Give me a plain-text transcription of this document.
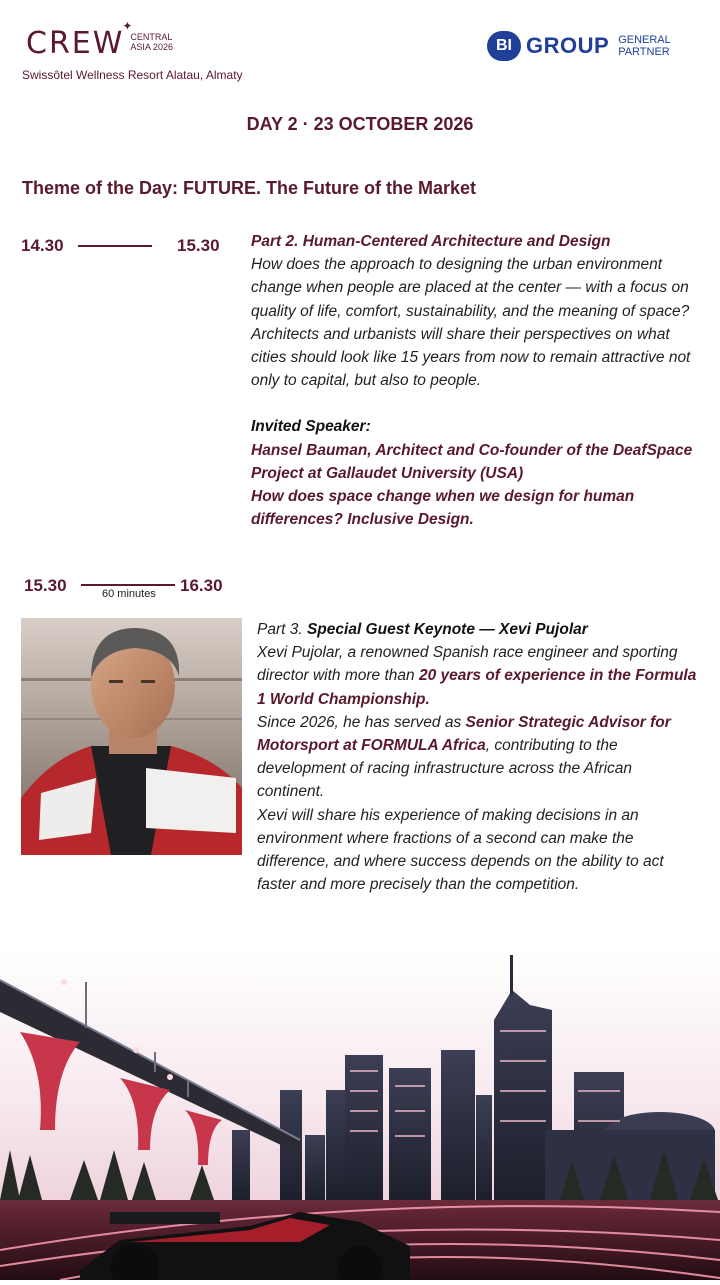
CREW
✦
CENTRAL
ASIA 2026
Swissôtel Wellness Resort Alatau, Almaty
BI GROUP GENERAL
PARTNER
DAY 2 · 23 OCTOBER 2026
Theme of the Day: FUTURE. The Future of the Market
14.30	15.30 Part 2. Human-Centered Architecture and Design

How does the approach to designing the urban environment change when people are placed at the center — with a focus on quality of life, comfort, sustainability, and the meaning of space?

Architects and urbanists will share their perspectives on what cities should look like 15 years from now to remain attractive not only to capital, but also to people.

Invited Speaker:

Hansel Bauman, Architect and Co-founder of the DeafSpace Project at Gallaudet University (USA)

How does space change when we design for human differences? Inclusive Design.

15.30	60 minutes 16.30

Part 3. Special Guest Keynote — Xevi Pujolar

Xevi Pujolar, a renowned Spanish race engineer and sporting director with more than 20 years of experience in the Formula 1 World Championship.

Since 2026, he has served as Senior Strategic Advisor for Motorsport at FORMULA Africa, contributing to the development of racing infrastructure across the African continent.

Xevi will share his experience of making decisions in an environment where fractions of a second can make the difference, and where success depends on the ability to act faster and more precisely than the competition.
